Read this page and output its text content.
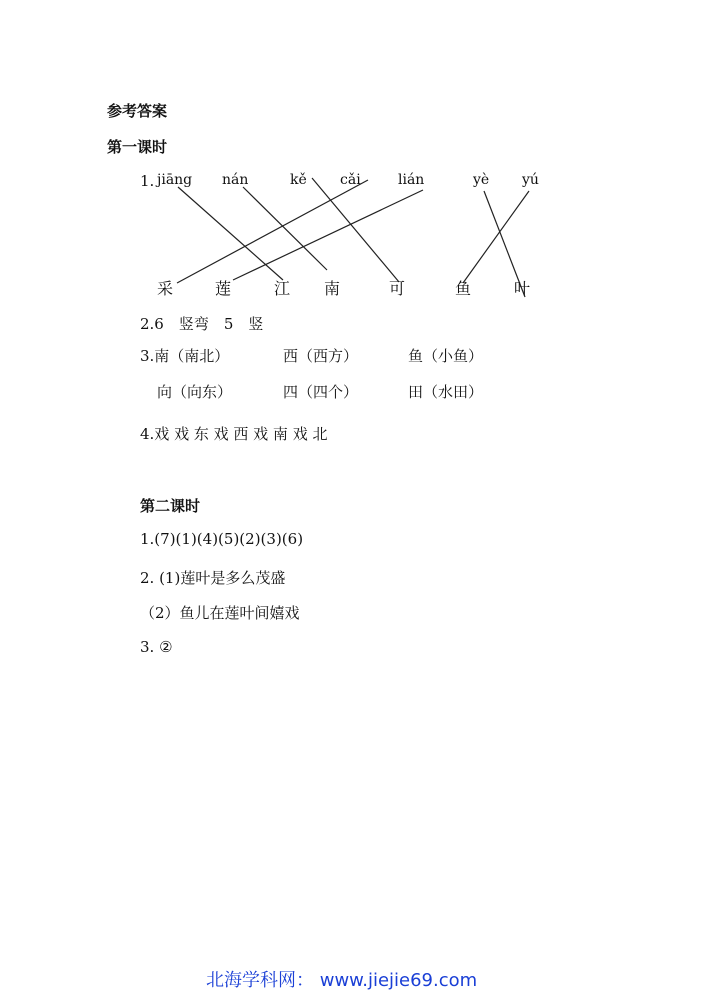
参考答案
第一课时
1. jiāng nán	kě cǎi	lián	yè yú
采	莲	江 南	可	鱼	叶
2.6　竖弯　5　竖
3.南（南北）	西（西方）	鱼（小鱼）
向（向东）	四（四个）	田（水田）
4.戏 戏 东 戏 西 戏 南 戏 北
第二课时
1.(7)(1)(4)(5)(2)(3)(6)
2. (1)莲叶是多么茂盛
（2）鱼儿在莲叶间嬉戏
3. ②
北海学科网： www.jiejie69.com
